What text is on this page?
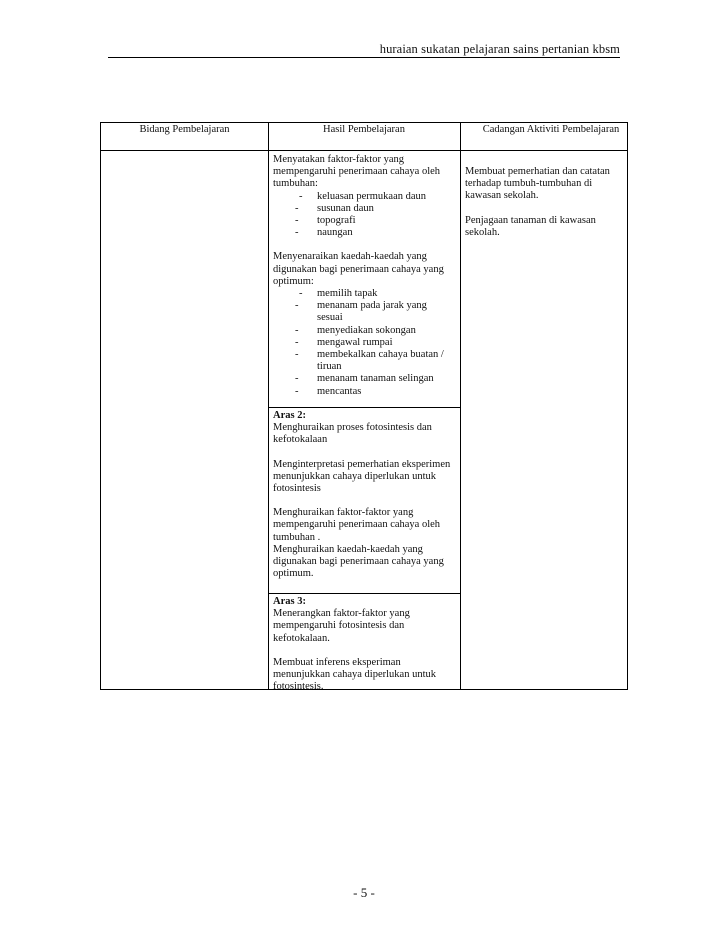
huraian sukatan pelajaran sains pertanian kbsm
Bidang Pembelajaran	Hasil Pembelajaran	Cadangan Aktiviti Pembelajaran

Menyatakan faktor-faktor yang mempengaruhi penerimaan cahaya oleh tumbuhan:

- keluasan permukaan daun
- susunan daun
- topografi
- naungan

Menyenaraikan kaedah-kaedah yang digunakan bagi penerimaan cahaya yang optimum:

- memilih tapak
- menanam pada jarak yang sesuai
- menyediakan sokongan
- mengawal rumpai
- membekalkan cahaya buatan / tiruan
- menanam tanaman selingan
- mencantas

Aras 2:

Menghuraikan proses fotosintesis dan kefotokalaan

Menginterpretasi pemerhatian eksperimen menunjukkan cahaya diperlukan untuk fotosintesis

Menghuraikan faktor-faktor yang mempengaruhi penerimaan cahaya oleh tumbuhan .

Menghuraikan kaedah-kaedah yang digunakan bagi penerimaan cahaya yang optimum.

Aras 3:

Menerangkan faktor-faktor yang mempengaruhi fotosintesis dan kefotokalaan.

Membuat inferens eksperiman menunjukkan cahaya diperlukan untuk fotosintesis.

Membuat pemerhatian dan catatan terhadap tumbuh-tumbuhan di kawasan sekolah.

Penjagaan tanaman di kawasan sekolah.

- 5 -
